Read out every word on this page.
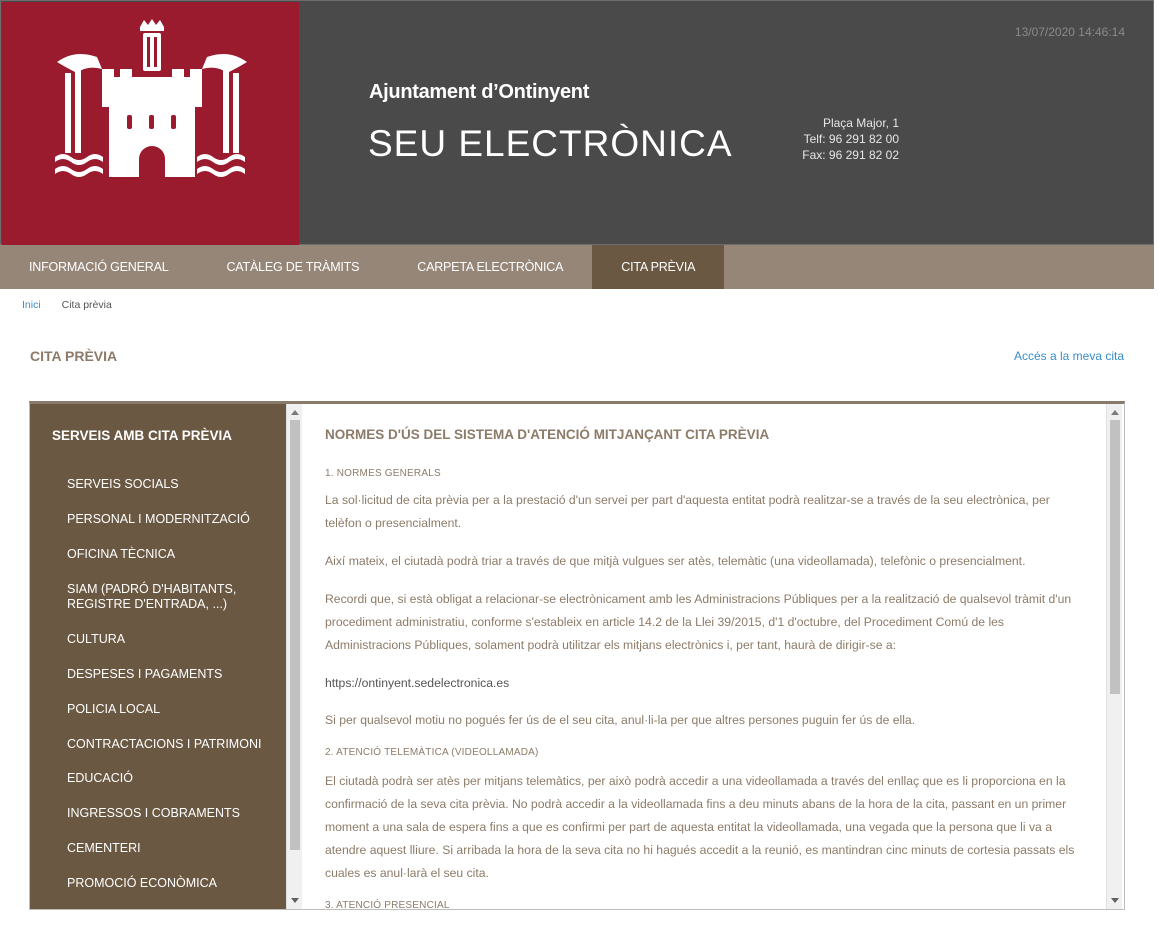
Ajuntament d’Ontinyent
SEU ELECTRÒNICA	Plaça Major, 1
Telf: 96 291 82 00
Fax: 96 291 82 02
13/07/2020 14:46:14
INFORMACIÓ GENERAL	CATÀLEG DE TRÀMITS	CARPETA ELECTRÒNICA	CITA PRÈVIA
Inici Cita prèvia
CITA PRÈVIA	Accés a la meva cita
SERVEIS AMB CITA PRÈVIA
SERVEIS SOCIALS
PERSONAL I MODERNITZACIÓ
OFICINA TÈCNICA
SIAM (PADRÓ D'HABITANTS, REGISTRE D'ENTRADA, ...)
CULTURA
DESPESES I PAGAMENTS
POLICIA LOCAL
CONTRACTACIONS I PATRIMONI
EDUCACIÓ
INGRESSOS I COBRAMENTS
CEMENTERI
PROMOCIÓ ECONÒMICA
NORMES D'ÚS DEL SISTEMA D'ATENCIÓ MITJANÇANT CITA PRÈVIA
1. NORMES GENERALS
La sol·licitud de cita prèvia per a la prestació d'un servei per part d'aquesta entitat podrà realitzar-se a través de la seu electrònica, per telèfon o presencialment.
Així mateix, el ciutadà podrà triar a través de que mitjà vulgues ser atès, telemàtic (una videollamada), telefònic o presencialment.
Recordi que, si està obligat a relacionar-se electrònicament amb les Administracions Públiques per a la realització de qualsevol tràmit d'un procediment administratiu, conforme s'estableix en article 14.2 de la Llei 39/2015, d'1 d'octubre, del Procediment Comú de les Administracions Públiques, solament podrà utilitzar els mitjans electrònics i, per tant, haurà de dirigir-se a:
https://ontinyent.sedelectronica.es
Si per qualsevol motiu no pogués fer ús de el seu cita, anul·li-la per que altres persones puguin fer ús de ella.
2. ATENCIÓ TELEMÀTICA (VIDEOLLAMADA)
El ciutadà podrà ser atès per mitjans telemàtics, per això podrà accedir a una videollamada a través del enllaç que es li proporciona en la confirmació de la seva cita prèvia. No podrà accedir a la videollamada fins a deu minuts abans de la hora de la cita, passant en un primer moment a una sala de espera fins a que es confirmi per part de aquesta entitat la videollamada, una vegada que la persona que li va a atendre aquest lliure. Si arribada la hora de la seva cita no hi hagués accedit a la reunió, es mantindran cinc minuts de cortesia passats els cuales es anul·larà el seu cita.
3. ATENCIÓ PRESENCIAL
